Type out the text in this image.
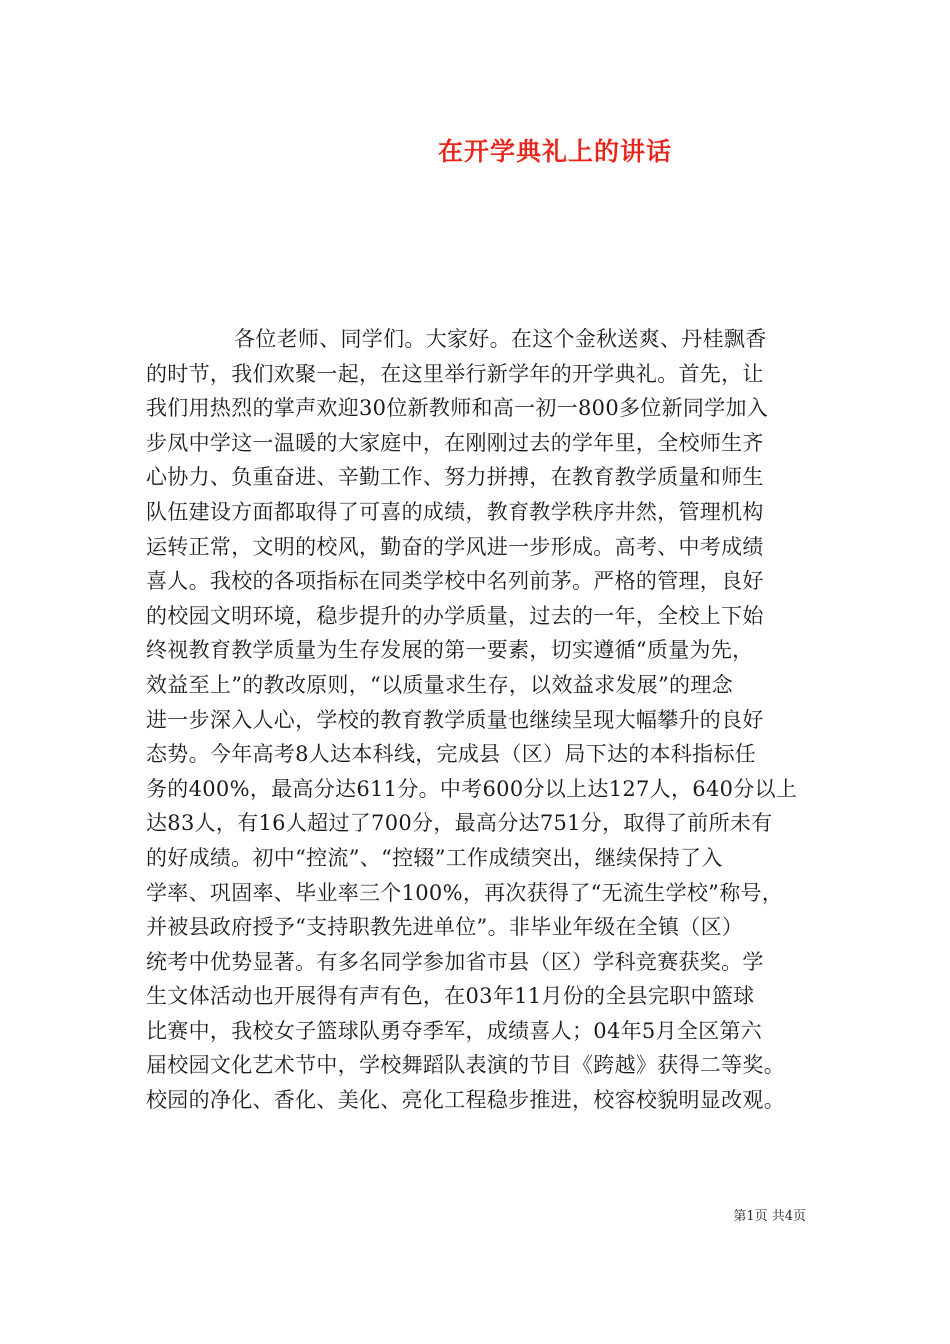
在开学典礼上的讲话
各位老师、同学们。大家好。在这个金秋送爽、丹桂飘香
的时节，我们欢聚一起，在这里举行新学年的开学典礼。首先，让
我们用热烈的掌声欢迎30位新教师和高一初一800多位新同学加入
步凤中学这一温暖的大家庭中，在刚刚过去的学年里，全校师生齐
心协力、负重奋进、辛勤工作、努力拼搏，在教育教学质量和师生
队伍建设方面都取得了可喜的成绩，教育教学秩序井然，管理机构
运转正常，文明的校风，勤奋的学风进一步形成。高考、中考成绩
喜人。我校的各项指标在同类学校中名列前茅。严格的管理，良好
的校园文明环境，稳步提升的办学质量，过去的一年，全校上下始
终视教育教学质量为生存发展的第一要素，切实遵循“质量为先，
效益至上”的教改原则，“以质量求生存，以效益求发展”的理念
进一步深入人心，学校的教育教学质量也继续呈现大幅攀升的良好
态势。今年高考8人达本科线，完成县（区）局下达的本科指标任
务的400%，最高分达611分。中考600分以上达127人，640分以上
达83人，有16人超过了700分，最高分达751分，取得了前所未有
的好成绩。初中“控流”、“控辍”工作成绩突出，继续保持了入
学率、巩固率、毕业率三个100%，再次获得了“无流生学校”称号，
并被县政府授予“支持职教先进单位”。非毕业年级在全镇（区）
统考中优势显著。有多名同学参加省市县（区）学科竞赛获奖。学
生文体活动也开展得有声有色，在03年11月份的全县完职中篮球
比赛中，我校女子篮球队勇夺季军，成绩喜人；04年5月全区第六
届校园文化艺术节中，学校舞蹈队表演的节目《跨越》获得二等奖。
校园的净化、香化、美化、亮化工程稳步推进，校容校貌明显改观。
第1页 共4页
